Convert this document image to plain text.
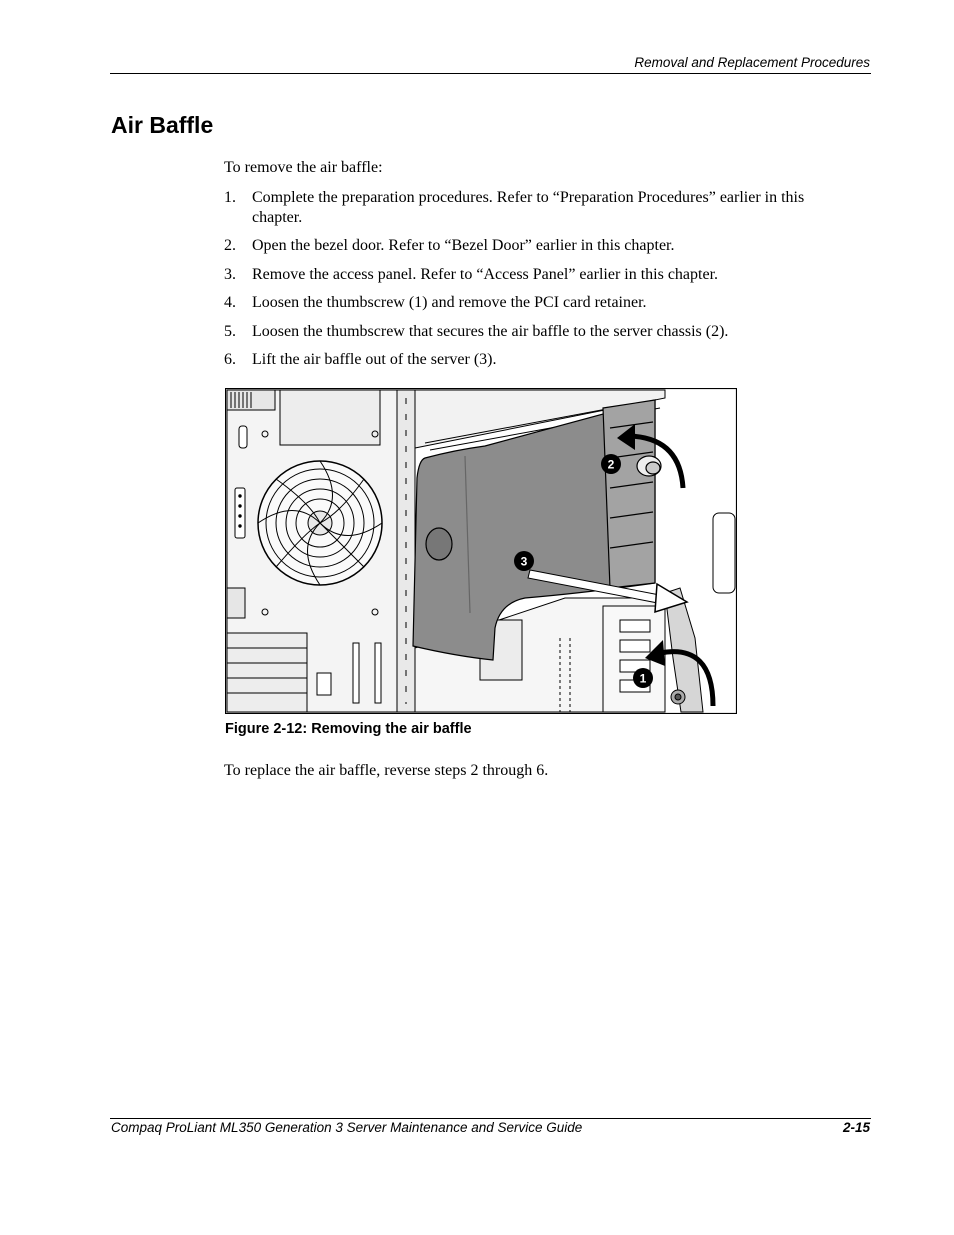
Removal and Replacement Procedures
Air Baffle
To remove the air baffle:
1. Complete the preparation procedures. Refer to “Preparation Procedures” earlier in this chapter.
2. Open the bezel door. Refer to “Bezel Door” earlier in this chapter.
3. Remove the access panel. Refer to “Access Panel” earlier in this chapter.
4. Loosen the thumbscrew (1) and remove the PCI card retainer.
5. Loosen the thumbscrew that secures the air baffle to the server chassis (2).
6. Lift the air baffle out of the server (3).
2
3
1
Figure 2-12: Removing the air baffle
To replace the air baffle, reverse steps 2 through 6.
Compaq ProLiant ML350 Generation 3 Server Maintenance and Service Guide	2-15
